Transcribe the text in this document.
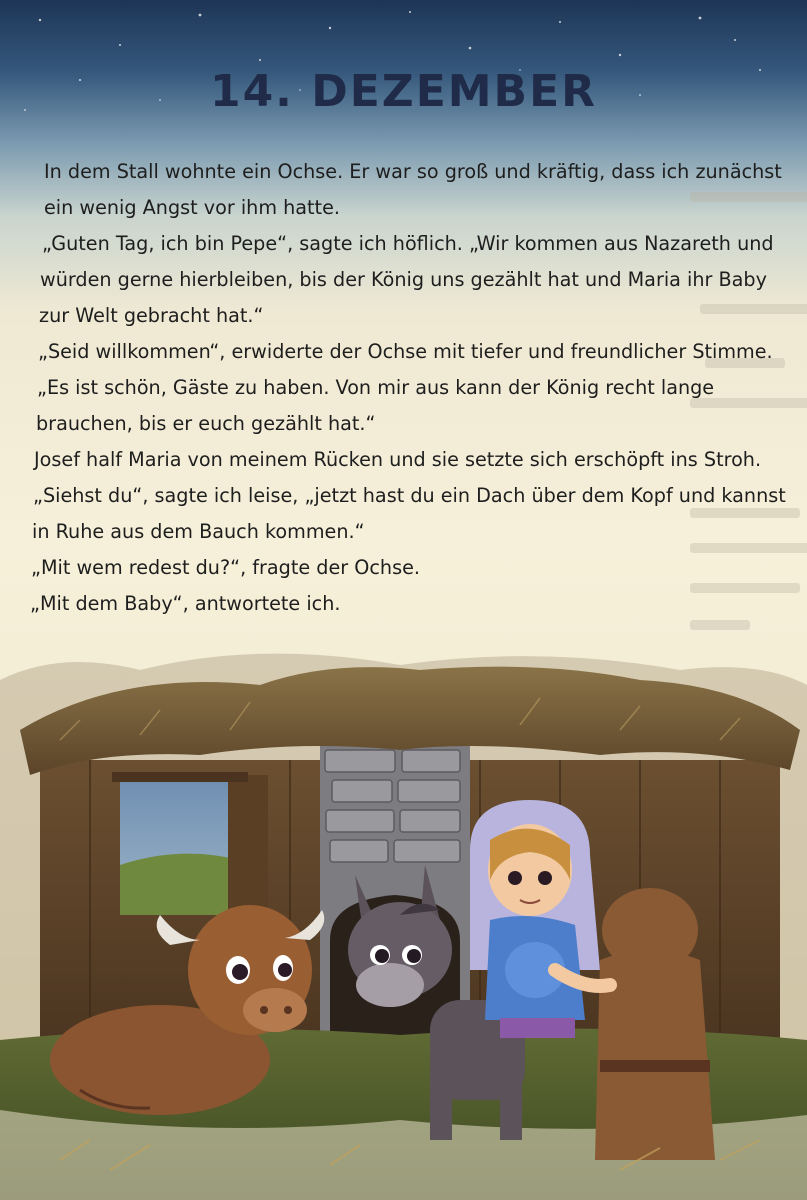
14. DEZEMBER
In dem Stall wohnte ein Ochse. Er war so groß und kräftig, dass ich zunächst
ein wenig Angst vor ihm hatte.
„Guten Tag, ich bin Pepe“, sagte ich höflich. „Wir kommen aus Nazareth und
würden gerne hierbleiben, bis der König uns gezählt hat und Maria ihr Baby
zur Welt gebracht hat.“
„Seid willkommen“, erwiderte der Ochse mit tiefer und freundlicher Stimme.
„Es ist schön, Gäste zu haben. Von mir aus kann der König recht lange
brauchen, bis er euch gezählt hat.“
Josef half Maria von meinem Rücken und sie setzte sich erschöpft ins Stroh.
„Siehst du“, sagte ich leise, „jetzt hast du ein Dach über dem Kopf und kannst
in Ruhe aus dem Bauch kommen.“
„Mit wem redest du?“, fragte der Ochse.
„Mit dem Baby“, antwortete ich.
